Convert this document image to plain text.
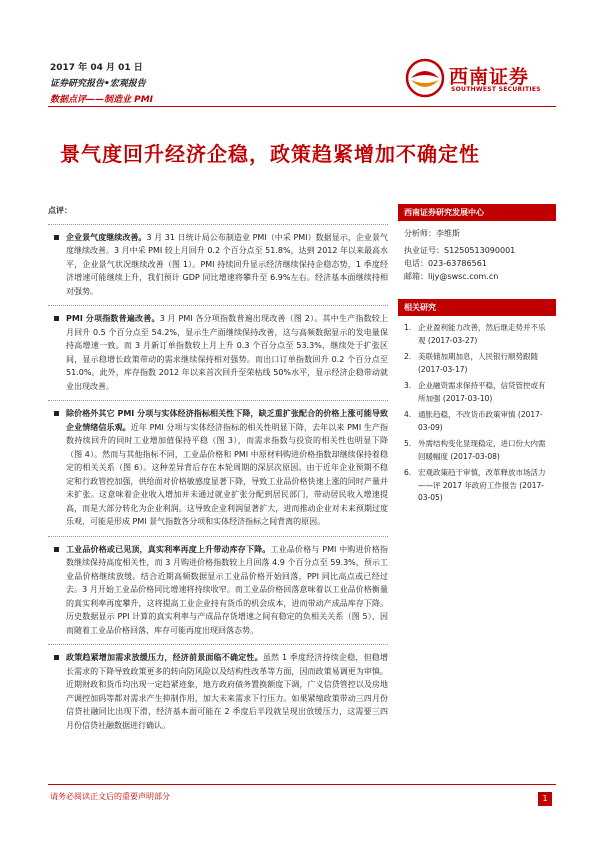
2017 年 04 月 01 日
证券研究报告•宏观报告
数据点评——制造业 PMI
西南证券
SOUTHWEST SECURITIES
景气度回升经济企稳，政策趋紧增加不确定性
点评：
企业景气度继续改善。3 月 31 日统计局公布制造业 PMI（中采 PMI）数据显示，企业景气度继续改善。3 月中采 PMI 较上月回升 0.2 个百分点至 51.8%，达到 2012 年以来最高水平，企业景气状况继续改善（图 1）。PMI 持续回升显示经济继续保持企稳态势，1 季度经济增速可能继续上升，我们预计 GDP 同比增速将攀升至 6.9%左右。经济基本面继续持相对强势。
PMI 分项指数普遍改善。3 月 PMI 各分项指数普遍出现改善（图 2）。其中生产指数较上月回升 0.5 个百分点至 54.2%，显示生产面继续保持改善，这与高频数据显示的发电量保持高增速一致。而 3 月新订单指数较上月上升 0.3 个百分点至 53.3%，继续处于扩张区间，显示稳增长政策带动的需求继续保持相对强势。而出口订单指数回升 0.2 个百分点至 51.0%。此外，库存指数 2012 年以来首次回升至荣枯线 50%水平，显示经济企稳带动就业出现改善。
除价格外其它 PMI 分项与实体经济指标相关性下降，缺乏重扩张配合的价格上涨可能导致企业情绪信乐观。近年 PMI 分项与实体经济指标的相关性明显下降，去年以来 PMI 生产指数持续回升的同时工业增加值保持平稳（图 3），而需求指数与投资的相关性也明显下降（图 4）。然而与其他指标不同，工业品价格和 PMI 中原材料购进价格指数却继续保持着稳定的相关关系（图 6）。这种差异背后存在本轮周期的深层次原因。由于近年企业预期不稳定和行政管控加强，供给面对价格敏感度显著下降，导致工业品价格快速上涨的同时产量并未扩张。这意味着企业收入增加并未通过就业扩张分配到居民部门，带动居民收入增速提高，而是大部分转化为企业利润。这导致企业利润显著扩大，进而推动企业对未来预期过度乐观，可能是形成 PMI 景气指数各分项和实体经济指标之间背离的原因。
工业品价格或已见顶，真实利率再度上升带动库存下降。工业品价格与 PMI 中购进价格指数继续保持高度相关性，而 3 月购进价格指数较上月回落 4.9 个百分点至 59.3%，预示工业品价格继续放缓。结合近期高频数据显示工业品价格开始回落，PPI 同比高点或已经过去。3 月开始工业品价格同比增速将持续收窄。而工业品价格回落意味着以工业品价格衡量的真实利率再度攀升，这将提高工业企业持有货币的机会成本，进而带动产成品库存下降。历史数据显示 PPI 计算的真实利率与产成品存货增速之间有稳定的负相关关系（图 5），因而随着工业品价格回落，库存可能再度出现回落态势。
政策趋紧增加需求放缓压力，经济前景面临不确定性。虽然 1 季度经济持续企稳，但稳增长需求的下降导致政策更多的转向防风险以及结构性改革等方面，因而政策易调更为审慎。近期财政和货币均出现一定趋紧迹象，地方政府债务置换额度下调，广义信贷管控以及房地产调控加码等都对需求产生抑制作用，加大未来需求下行压力。如果紧缩政策带动三四月份信贷社融同比出现下滑，经济基本面可能在 2 季度后半段就呈现出放缓压力，这需要三四月份信贷社融数据进行确认。
西南证券研究发展中心
分析师：李维斯
执业证号：S1250513090001
电话：023-63786561
邮箱：lijy@swsc.com.cn
相关研究
1. 企业盈利能力改善，然后继走势并不乐观 (2017-03-27)
2. 美联储加期加息，人民银行顺势跟随 (2017-03-17)
3. 企业融资需求保持平稳，信贷管控或有所加强 (2017-03-10)
4. 通胀趋稳，不改货币政策审慎 (2017-03-09)
5. 外需结构变化显现稳定，进口份大内需回暖幅度 (2017-03-08)
6. 宏观政策趋于审慎，改革释放市场活力——评 2017 年政府工作报告 (2017-03-05)
请务必阅读正文后的重要声明部分	1
